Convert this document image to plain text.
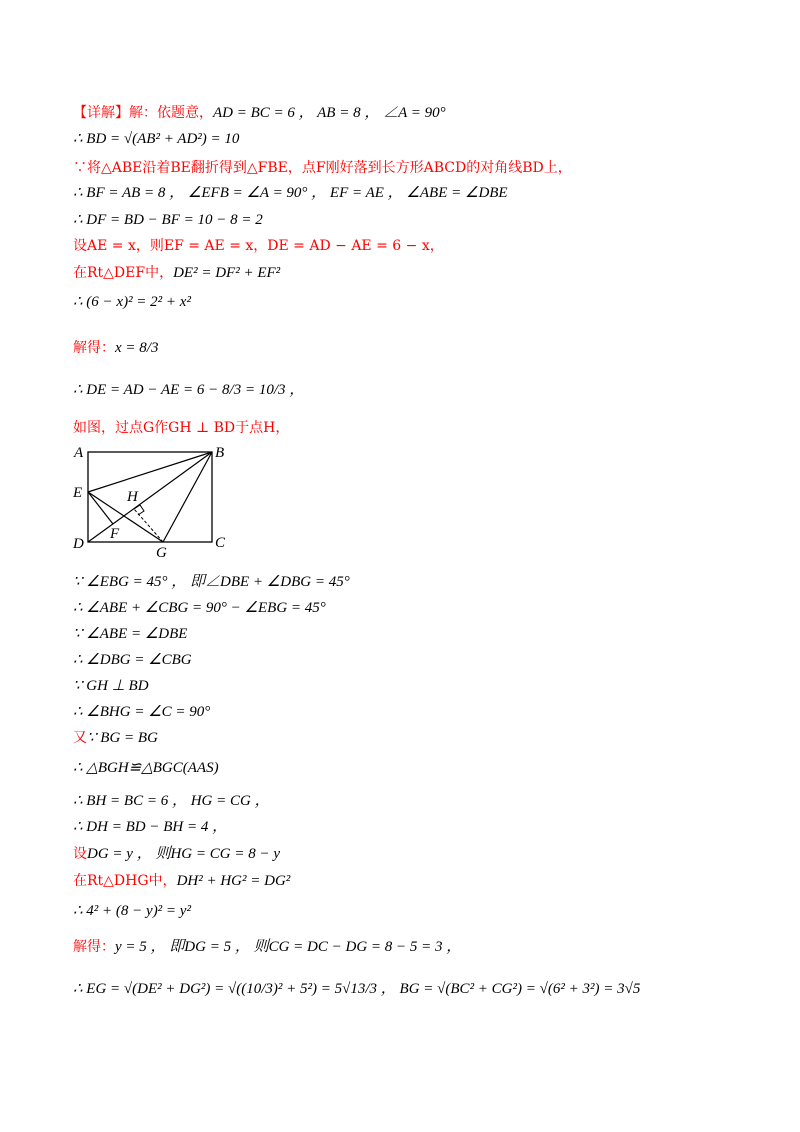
【详解】解：依题意，AD = BC = 6 ， AB = 8 ， ∠A = 90°
∴ BD = √(AB² + AD²) = 10
∵将△ABE沿着BE翻折得到△FBE，点F刚好落到长方形ABCD的对角线BD上，
∴ BF = AB = 8 ， ∠EFB = ∠A = 90° ， EF = AE ， ∠ABE = ∠DBE
∴ DF = BD − BF = 10 − 8 = 2
设AE = x，则EF = AE = x，DE = AD − AE = 6 − x，
在Rt△DEF中，DE² = DF² + EF²
∴ (6 − x)² = 2² + x²
解得：x = 8/3
∴ DE = AD − AE = 6 − 8/3 = 10/3 ，
如图，过点G作GH ⊥ BD于点H，
∵ ∠EBG = 45° ， 即∠DBE + ∠DBG = 45°
∴ ∠ABE + ∠CBG = 90° − ∠EBG = 45°
∵ ∠ABE = ∠DBE
∴ ∠DBG = ∠CBG
∵ GH ⊥ BD
∴ ∠BHG = ∠C = 90°
又∵ BG = BG
∴ △BGH≌△BGC(AAS)
∴ BH = BC = 6 ， HG = CG ，
∴ DH = BD − BH = 4 ，
设DG = y ， 则HG = CG = 8 − y
在Rt△DHG中，DH² + HG² = DG²
∴ 4² + (8 − y)² = y²
解得：y = 5 ， 即DG = 5 ， 则CG = DC − DG = 8 − 5 = 3 ，
∴ EG = √(DE² + DG²) = √((10/3)² + 5²) = 5√13/3 ， BG = √(BC² + CG²) = √(6² + 3²) = 3√5
A	B
C
D
E
F
G
H
